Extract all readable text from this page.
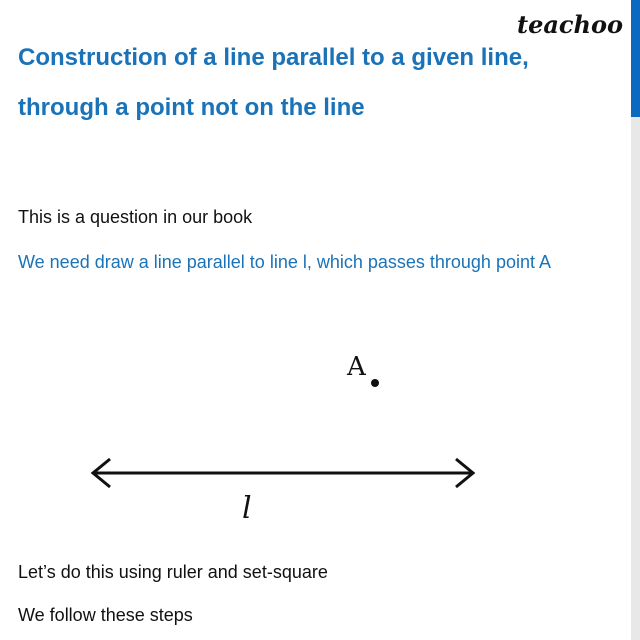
teachoo
Construction of a line parallel to a given line,
through a point not on the line
This is a question in our book
We need draw a line parallel to line l, which passes through point A
A
l
Let’s do this using ruler and set-square
We follow these steps
